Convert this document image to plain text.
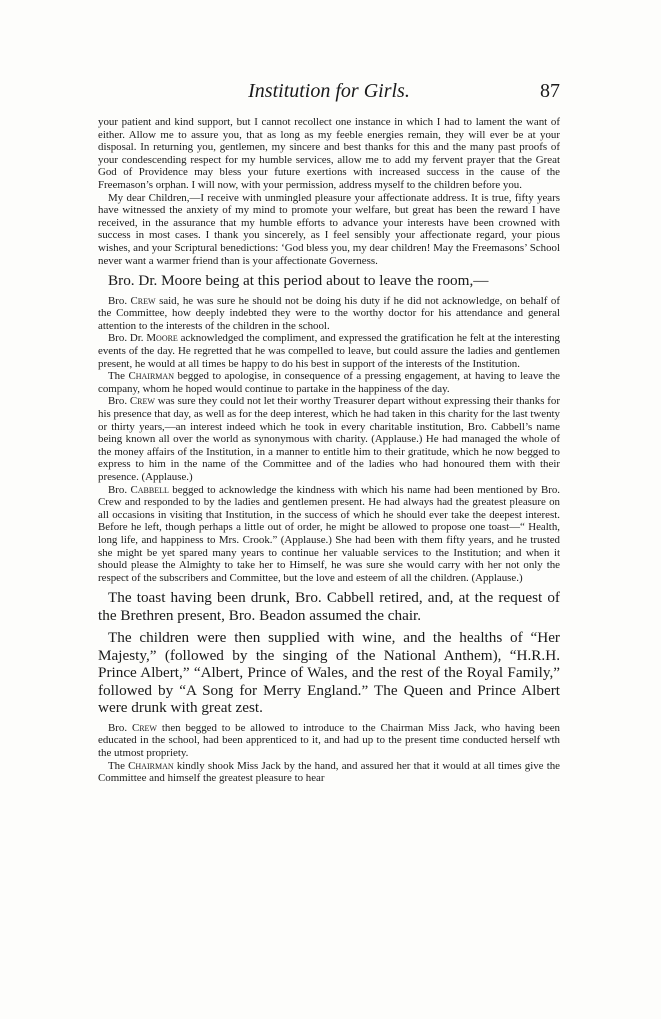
Institution for Girls.	87

your patient and kind support, but I cannot recollect one instance in which I had to lament the want of either. Allow me to assure you, that as long as my feeble energies remain, they will ever be at your disposal. In returning you, gentlemen, my sincere and best thanks for this and the many past proofs of your condescending respect for my humble services, allow me to add my fervent prayer that the Great God of Providence may bless your future exertions with increased success in the cause of the Freemason’s orphan. I will now, with your permission, address myself to the children before you.

My dear Children,—I receive with unmingled pleasure your affectionate address. It is true, fifty years have witnessed the anxiety of my mind to promote your welfare, but great has been the reward I have received, in the assurance that my humble efforts to advance your interests have been crowned with success in most cases. I thank you sincerely, as I feel sensibly your affectionate regard, your pious wishes, and your Scriptural benedictions: ‘God bless you, my dear children! May the Freemasons’ School never want a warmer friend than is your affectionate Governess.

Bro. Dr. Moore being at this period about to leave the room,—

Bro. Crew said, he was sure he should not be doing his duty if he did not acknowledge, on behalf of the Committee, how deeply indebted they were to the worthy doctor for his attendance and general attention to the interests of the children in the school.

Bro. Dr. Moore acknowledged the compliment, and expressed the gratification he felt at the interesting events of the day. He regretted that he was compelled to leave, but could assure the ladies and gentlemen present, he would at all times be happy to do his best in support of the interests of the Institution.

The Chairman begged to apologise, in consequence of a pressing engagement, at having to leave the company, whom he hoped would continue to partake in the happiness of the day.

Bro. Crew was sure they could not let their worthy Treasurer depart without expressing their thanks for his presence that day, as well as for the deep interest, which he had taken in this charity for the last twenty or thirty years,—an interest indeed which he took in every charitable institution, Bro. Cabbell’s name being known all over the world as synonymous with charity. (Applause.) He had managed the whole of the money affairs of the Institution, in a manner to entitle him to their gratitude, which he now begged to express to him in the name of the Committee and of the ladies who had honoured them with their presence. (Applause.)

Bro. Cabbell begged to acknowledge the kindness with which his name had been mentioned by Bro. Crew and responded to by the ladies and gentlemen present. He had always had the greatest pleasure on all occasions in visiting that Institution, in the success of which he should ever take the deepest interest. Before he left, though perhaps a little out of order, he might be allowed to propose one toast—“ Health, long life, and happiness to Mrs. Crook.” (Applause.) She had been with them fifty years, and he trusted she might be yet spared many years to continue her valuable services to the Institution; and when it should please the Almighty to take her to Himself, he was sure she would carry with her not only the respect of the subscribers and Committee, but the love and esteem of all the children. (Applause.)

The toast having been drunk, Bro. Cabbell retired, and, at the request of the Brethren present, Bro. Beadon assumed the chair.

The children were then supplied with wine, and the healths of “Her Majesty,” (followed by the singing of the National Anthem), “H.R.H. Prince Albert,” “Albert, Prince of Wales, and the rest of the Royal Family,” followed by “A Song for Merry England.” The Queen and Prince Albert were drunk with great zest.

Bro. Crew then begged to be allowed to introduce to the Chairman Miss Jack, who having been educated in the school, had been apprenticed to it, and had up to the present time conducted herself wth the utmost propriety.

The Chairman kindly shook Miss Jack by the hand, and assured her that it would at all times give the Committee and himself the greatest pleasure to hear
